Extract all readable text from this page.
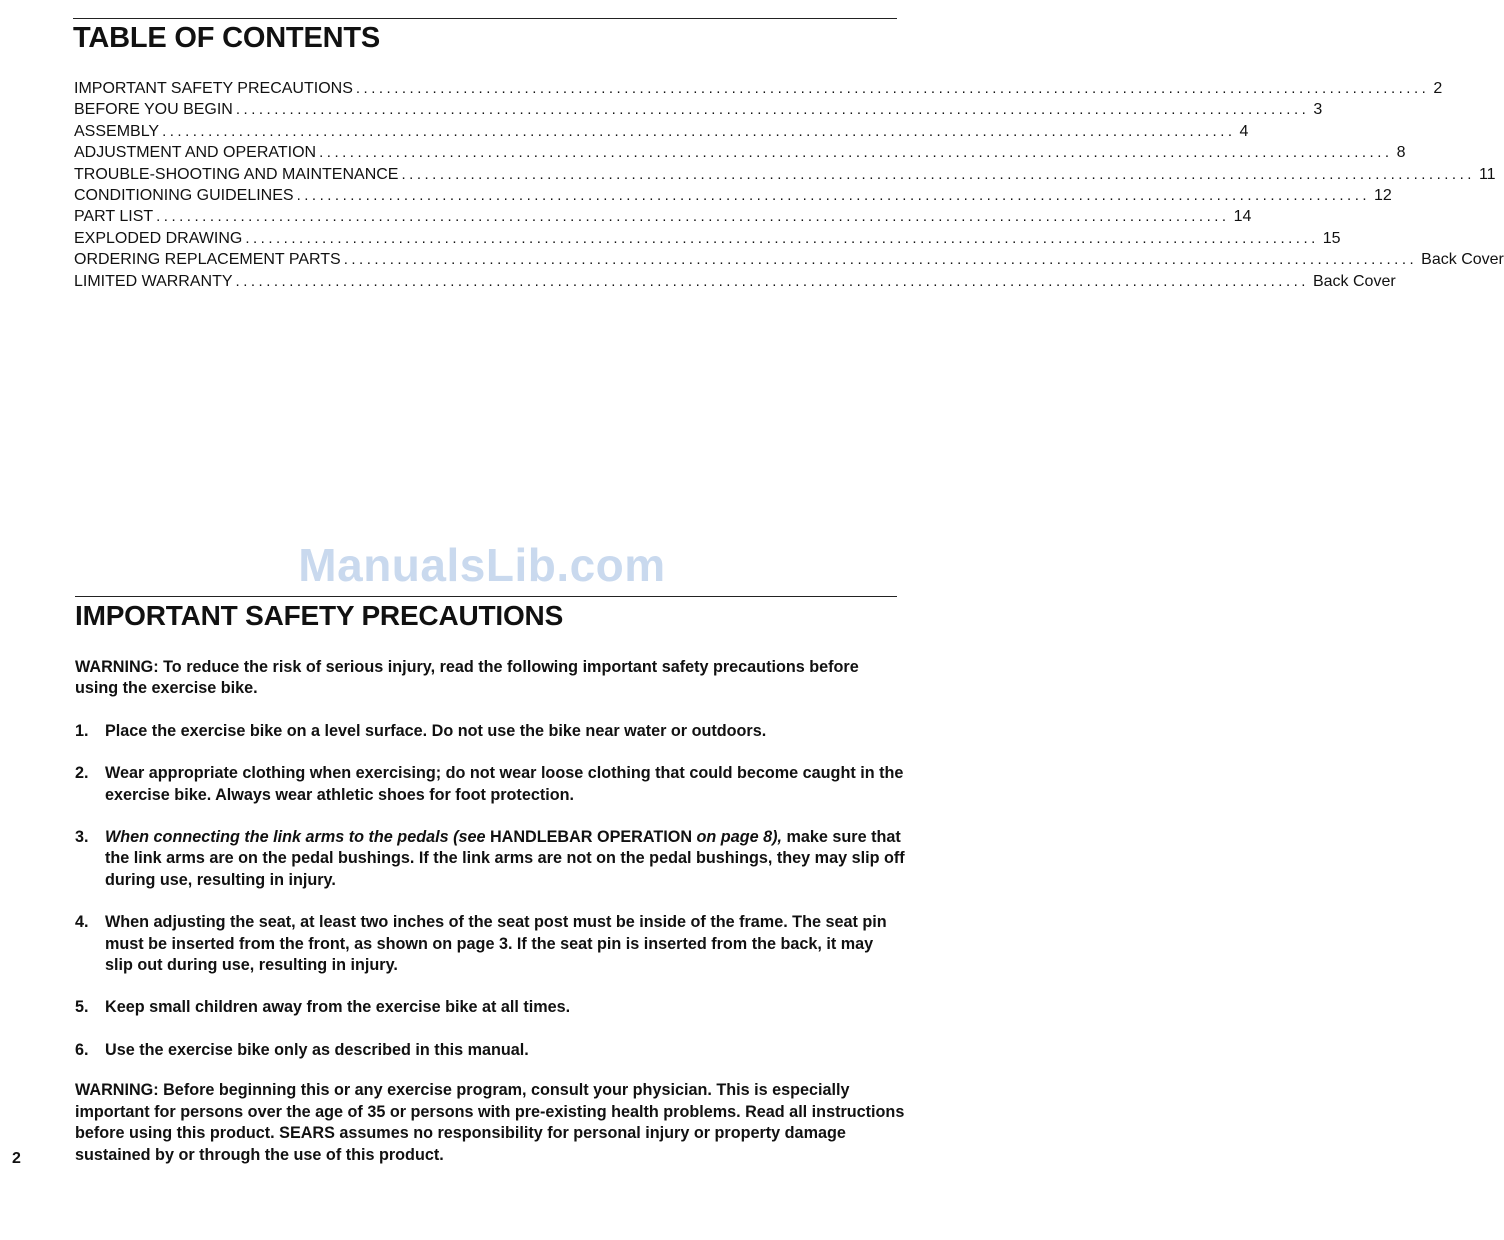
TABLE OF CONTENTS
IMPORTANT SAFETY PRECAUTIONS ............................................................................................................................................ 2
BEFORE YOU BEGIN ............................................................................................................................................ 3
ASSEMBLY ............................................................................................................................................ 4
ADJUSTMENT AND OPERATION ............................................................................................................................................ 8
TROUBLE-SHOOTING AND MAINTENANCE ............................................................................................................................................ 11
CONDITIONING GUIDELINES ............................................................................................................................................ 12
PART LIST ............................................................................................................................................ 14
EXPLODED DRAWING ............................................................................................................................................ 15
ORDERING REPLACEMENT PARTS ............................................................................................................................................ Back Cover
LIMITED WARRANTY ............................................................................................................................................ Back Cover
ManualsLib.com
IMPORTANT SAFETY PRECAUTIONS

WARNING: To reduce the risk of serious injury, read the following important safety precautions before using the exercise bike.

1.	Place the exercise bike on a level surface. Do not use the bike near water or outdoors.
2.	Wear appropriate clothing when exercising; do not wear loose clothing that could become caught in the exercise bike. Always wear athletic shoes for foot protection.
3.	When connecting the link arms to the pedals (see HANDLEBAR OPERATION on page 8), make sure that the link arms are on the pedal bushings. If the link arms are not on the pedal bushings, they may slip off during use, resulting in injury.
4.	When adjusting the seat, at least two inches of the seat post must be inside of the frame. The seat pin must be inserted from the front, as shown on page 3. If the seat pin is inserted from the back, it may slip out during use, resulting in injury.
5.	Keep small children away from the exercise bike at all times.
6.	Use the exercise bike only as described in this manual.

WARNING: Before beginning this or any exercise program, consult your physician. This is especially important for persons over the age of 35 or persons with pre-existing health problems. Read all instructions before using this product. SEARS assumes no responsibility for personal injury or property damage sustained by or through the use of this product.

2
